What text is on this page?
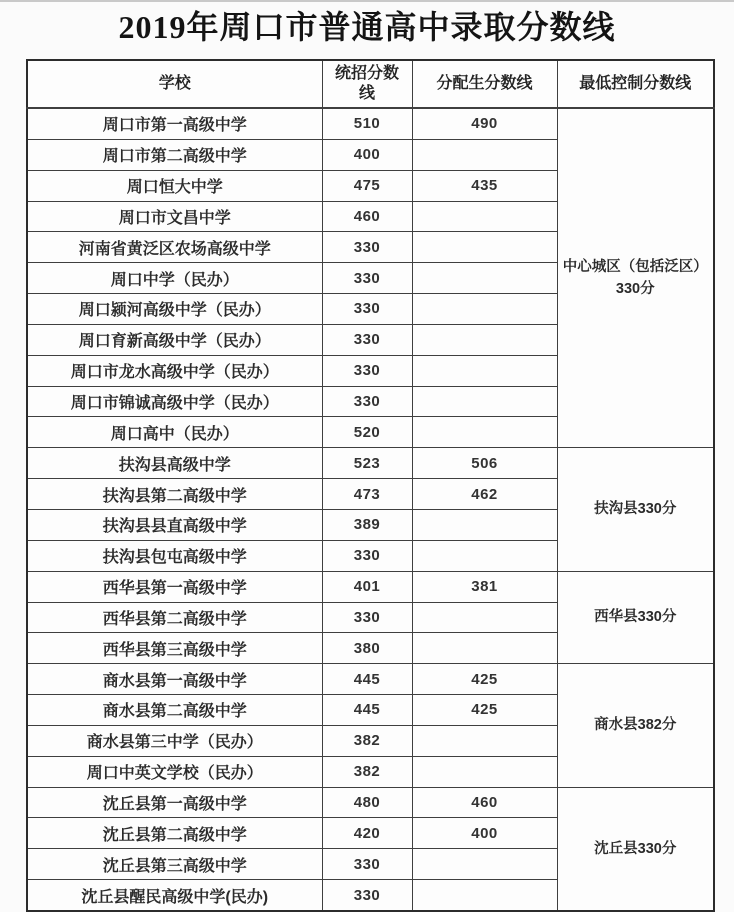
2019年周口市普通高中录取分数线
学校	统招分数线	分配生分数线	最低控制分数线
周口市第一高级中学	510	490	中心城区（包括泛区）
330分

周口市第二高级中学	400		
周口恒大中学	475	435	
周口市文昌中学	460		
河南省黄泛区农场高级中学	330		
周口中学（民办）	330		
周口颍河高级中学（民办）	330		
周口育新高级中学（民办）	330		
周口市龙水高级中学（民办）	330		
周口市锦诚高级中学（民办）	330		
周口高中（民办）	520		
扶沟县高级中学	523	506	扶沟县330分

扶沟县第二高级中学	473	462	
扶沟县县直高级中学	389		
扶沟县包屯高级中学	330		
西华县第一高级中学	401	381	西华县330分

西华县第二高级中学	330		
西华县第三高级中学	380		
商水县第一高级中学	445	425	商水县382分

商水县第二高级中学	445	425	
商水县第三中学（民办）	382		
周口中英文学校（民办）	382		
沈丘县第一高级中学	480	460	沈丘县330分

沈丘县第二高级中学	420	400	
沈丘县第三高级中学	330		
沈丘县醒民高级中学(民办)	330		
